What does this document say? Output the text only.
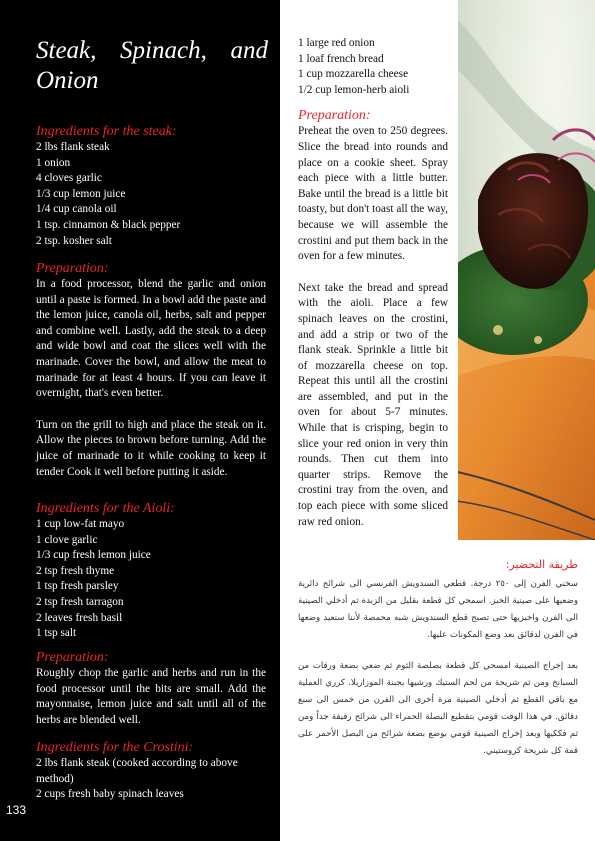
Steak, Spinach, and
Onion

Ingredients for the steak:

2 lbs flank steak
1 onion
4 cloves garlic
1/3 cup lemon juice
1/4 cup canola oil
1 tsp. cinnamon & black pepper
2 tsp. kosher salt

Preparation:

In a food processor, blend the garlic and onion until a paste is formed. In a bowl add the paste and the lemon juice, canola oil, herbs, salt and pepper and combine well. Lastly, add the steak to a deep and wide bowl and coat the slices well with the marinade. Cover the bowl, and allow the meat to marinade for at least 4 hours. If you can leave it overnight, that's even better.

Turn on the grill to high and place the steak on it. Allow the pieces to brown before turning. Add the juice of marinade to it while cooking to keep it tender Cook it well before putting it aside.

Ingredients for the Aioli:

1 cup low-fat mayo
1 clove garlic
1/3 cup fresh lemon juice
2 tsp fresh thyme
1 tsp fresh parsley
2 tsp fresh tarragon
2 leaves fresh basil
1 tsp salt

Preparation:

Roughly chop the garlic and herbs and run in the food processor until the bits are small. Add the mayonnaise, lemon juice and salt until all of the herbs are blended well.

Ingredients for the Crostini:

2 lbs flank steak (cooked according to above method)
2 cups fresh baby spinach leaves
133
1 large red onion
1 loaf french bread
1 cup mozzarella cheese
1/2 cup lemon-herb aioli

Preparation:

Preheat the oven to 250 degrees. Slice the bread into rounds and place on a cookie sheet. Spray each piece with a little butter. Bake until the bread is a little bit toasty, but don't toast all the way, because we will assemble the crostini and put them back in the oven for a few minutes.

Next take the bread and spread with the aioli. Place a few spinach leaves on the crostini, and add a strip or two of the flank steak. Sprinkle a little bit of mozzarella cheese on top. Repeat this until all the crostini are assembled, and put in the oven for about 5-7 minutes. While that is crisping, begin to slice your red onion in very thin rounds. Then cut them into quarter strips. Remove the crostini tray from the oven, and top each piece with some sliced raw red onion.

طريقة التحضير:

سخني الفرن إلى ٢٥٠ درجة. قطعي السندويش الفرنسي الى شرائح دائرية وضعيها على صينية الخبز. اسمحي كل قطعة بقليل من الزبدة ثم أدخلي الصينية الى الفرن واخبزيها حتى تصبح قطع السندويش شبه محمصة لأننا سنعيد وضعها في الفرن لدقائق بعد وضع المكونات عليها.

بعد إخراج الصينية امسحي كل قطعة بصلصة الثوم ثم ضعي بضعة ورقات من السبانخ ومن ثم شريحة من لحم الستيك ورشيها بجبنة الموزاريلا. كرري العملية مع باقي القطع ثم أدخلي الصينية مرة أخرى الى الفرن من خمس الى سبع دقائق. في هذا الوقت قومي بتقطيع البصلة الحمراء الى شرائح رقيقة جداً ومن ثم فككيها وبعد إخراج الصينية قومي بوضع بضعة شرائح من البصل الأحمر على قمة كل شريحة كروستيني.
